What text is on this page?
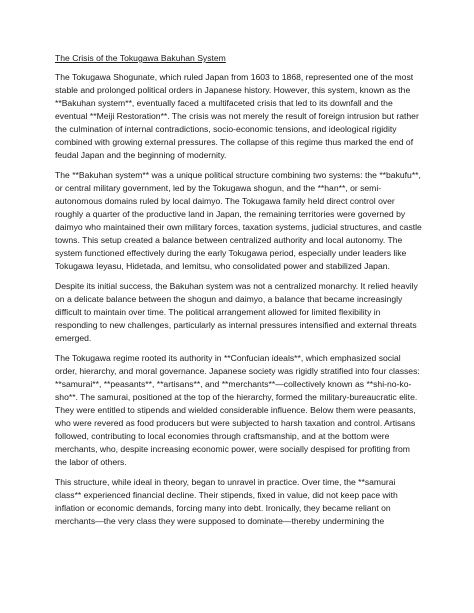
The Crisis of the Tokugawa Bakuhan System

The Tokugawa Shogunate, which ruled Japan from 1603 to 1868, represented one of the most stable and prolonged political orders in Japanese history. However, this system, known as the **Bakuhan system**, eventually faced a multifaceted crisis that led to its downfall and the eventual **Meiji Restoration**. The crisis was not merely the result of foreign intrusion but rather the culmination of internal contradictions, socio-economic tensions, and ideological rigidity combined with growing external pressures. The collapse of this regime thus marked the end of feudal Japan and the beginning of modernity.

The **Bakuhan system** was a unique political structure combining two systems: the **bakufu**, or central military government, led by the Tokugawa shogun, and the **han**, or semi-autonomous domains ruled by local daimyo. The Tokugawa family held direct control over roughly a quarter of the productive land in Japan, the remaining territories were governed by daimyo who maintained their own military forces, taxation systems, judicial structures, and castle towns. This setup created a balance between centralized authority and local autonomy. The system functioned effectively during the early Tokugawa period, especially under leaders like Tokugawa Ieyasu, Hidetada, and Iemitsu, who consolidated power and stabilized Japan.

Despite its initial success, the Bakuhan system was not a centralized monarchy. It relied heavily on a delicate balance between the shogun and daimyo, a balance that became increasingly difficult to maintain over time. The political arrangement allowed for limited flexibility in responding to new challenges, particularly as internal pressures intensified and external threats emerged.

The Tokugawa regime rooted its authority in **Confucian ideals**, which emphasized social order, hierarchy, and moral governance. Japanese society was rigidly stratified into four classes: **samurai**, **peasants**, **artisans**, and **merchants**—collectively known as **shi-no-ko-sho**. The samurai, positioned at the top of the hierarchy, formed the military-bureaucratic elite. They were entitled to stipends and wielded considerable influence. Below them were peasants, who were revered as food producers but were subjected to harsh taxation and control. Artisans followed, contributing to local economies through craftsmanship, and at the bottom were merchants, who, despite increasing economic power, were socially despised for profiting from the labor of others.

This structure, while ideal in theory, began to unravel in practice. Over time, the **samurai class** experienced financial decline. Their stipends, fixed in value, did not keep pace with inflation or economic demands, forcing many into debt. Ironically, they became reliant on merchants—the very class they were supposed to dominate—thereby undermining the
